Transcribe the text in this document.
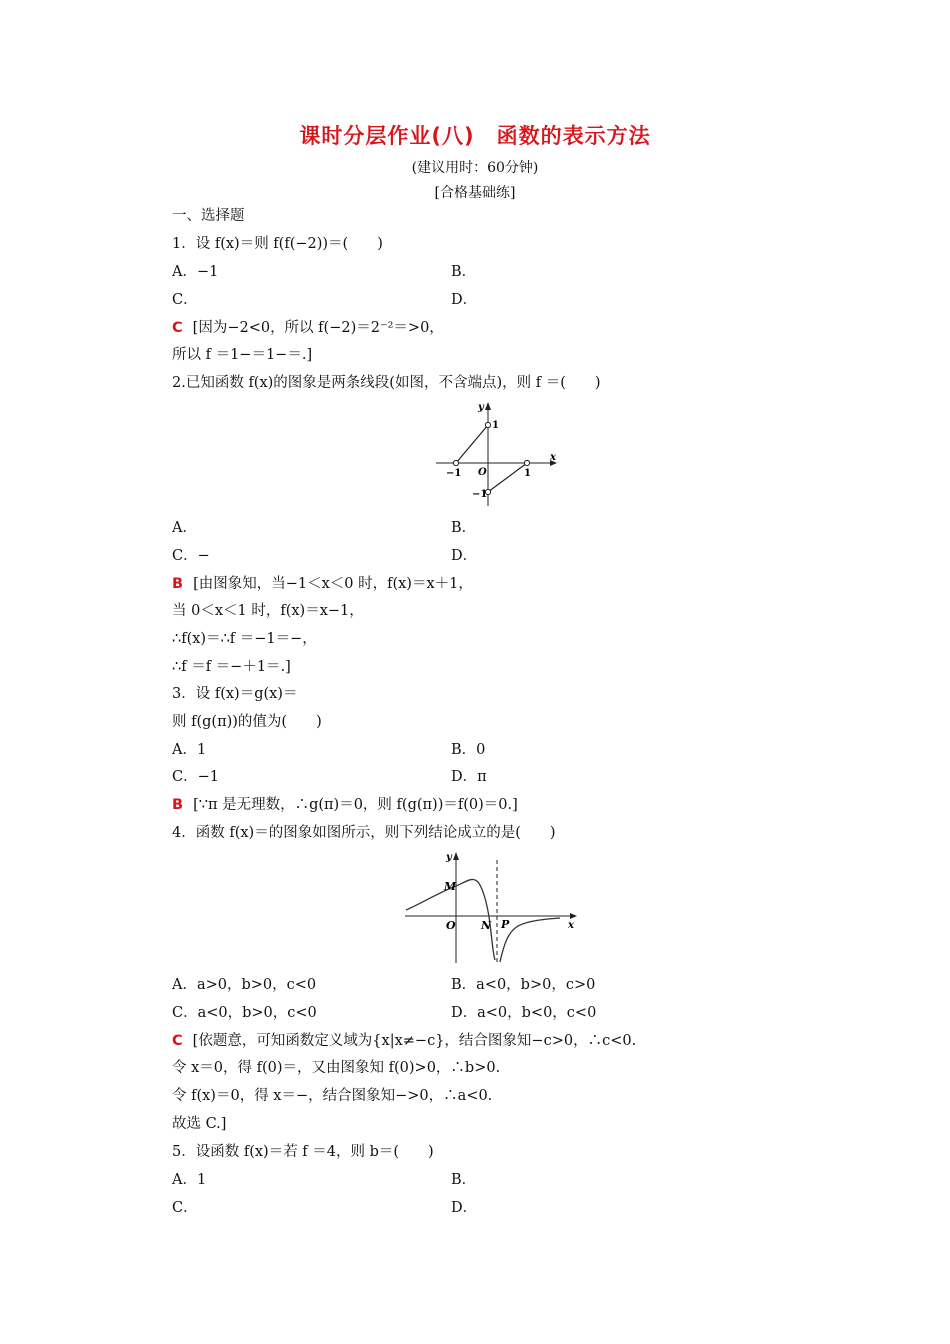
课时分层作业(八)　函数的表示方法
(建议用时：60分钟)
[合格基础练]
一、选择题
1．设 f(x)＝则 f(f(−2))＝(　　)
A．−1	B．
C．	D．
C [因为−2<0，所以 f(−2)＝2⁻²＝>0，
所以 f ＝1−＝1−＝.]
2.已知函数 f(x)的图象是两条线段(如图，不含端点)，则 f ＝(　　)
y
x
1
−1
O	1
−1
A．	B．
C．−	D．
B [由图象知，当−1＜x＜0 时，f(x)＝x＋1，
当 0＜x＜1 时，f(x)＝x−1，
∴f(x)＝∴f ＝−1＝−，
∴f ＝f ＝−＋1＝.]
3．设 f(x)＝g(x)＝
则 f(g(π))的值为(　　)
A．1	B．0
C．−1	D．π
B [∵π 是无理数，∴g(π)＝0，则 f(g(π))＝f(0)＝0.]
4．函数 f(x)＝的图象如图所示，则下列结论成立的是(　　)
y
x
M
O N P
A．a>0，b>0，c<0	B．a<0，b>0，c>0
C．a<0，b>0，c<0	D．a<0，b<0，c<0
C [依题意，可知函数定义域为{x|x≠−c}，结合图象知−c>0，∴c<0.
令 x＝0，得 f(0)＝，又由图象知 f(0)>0，∴b>0.
令 f(x)＝0，得 x＝−，结合图象知−>0，∴a<0.
故选 C.]
5．设函数 f(x)＝若 f ＝4，则 b＝(　　)
A．1	B．
C．	D．
